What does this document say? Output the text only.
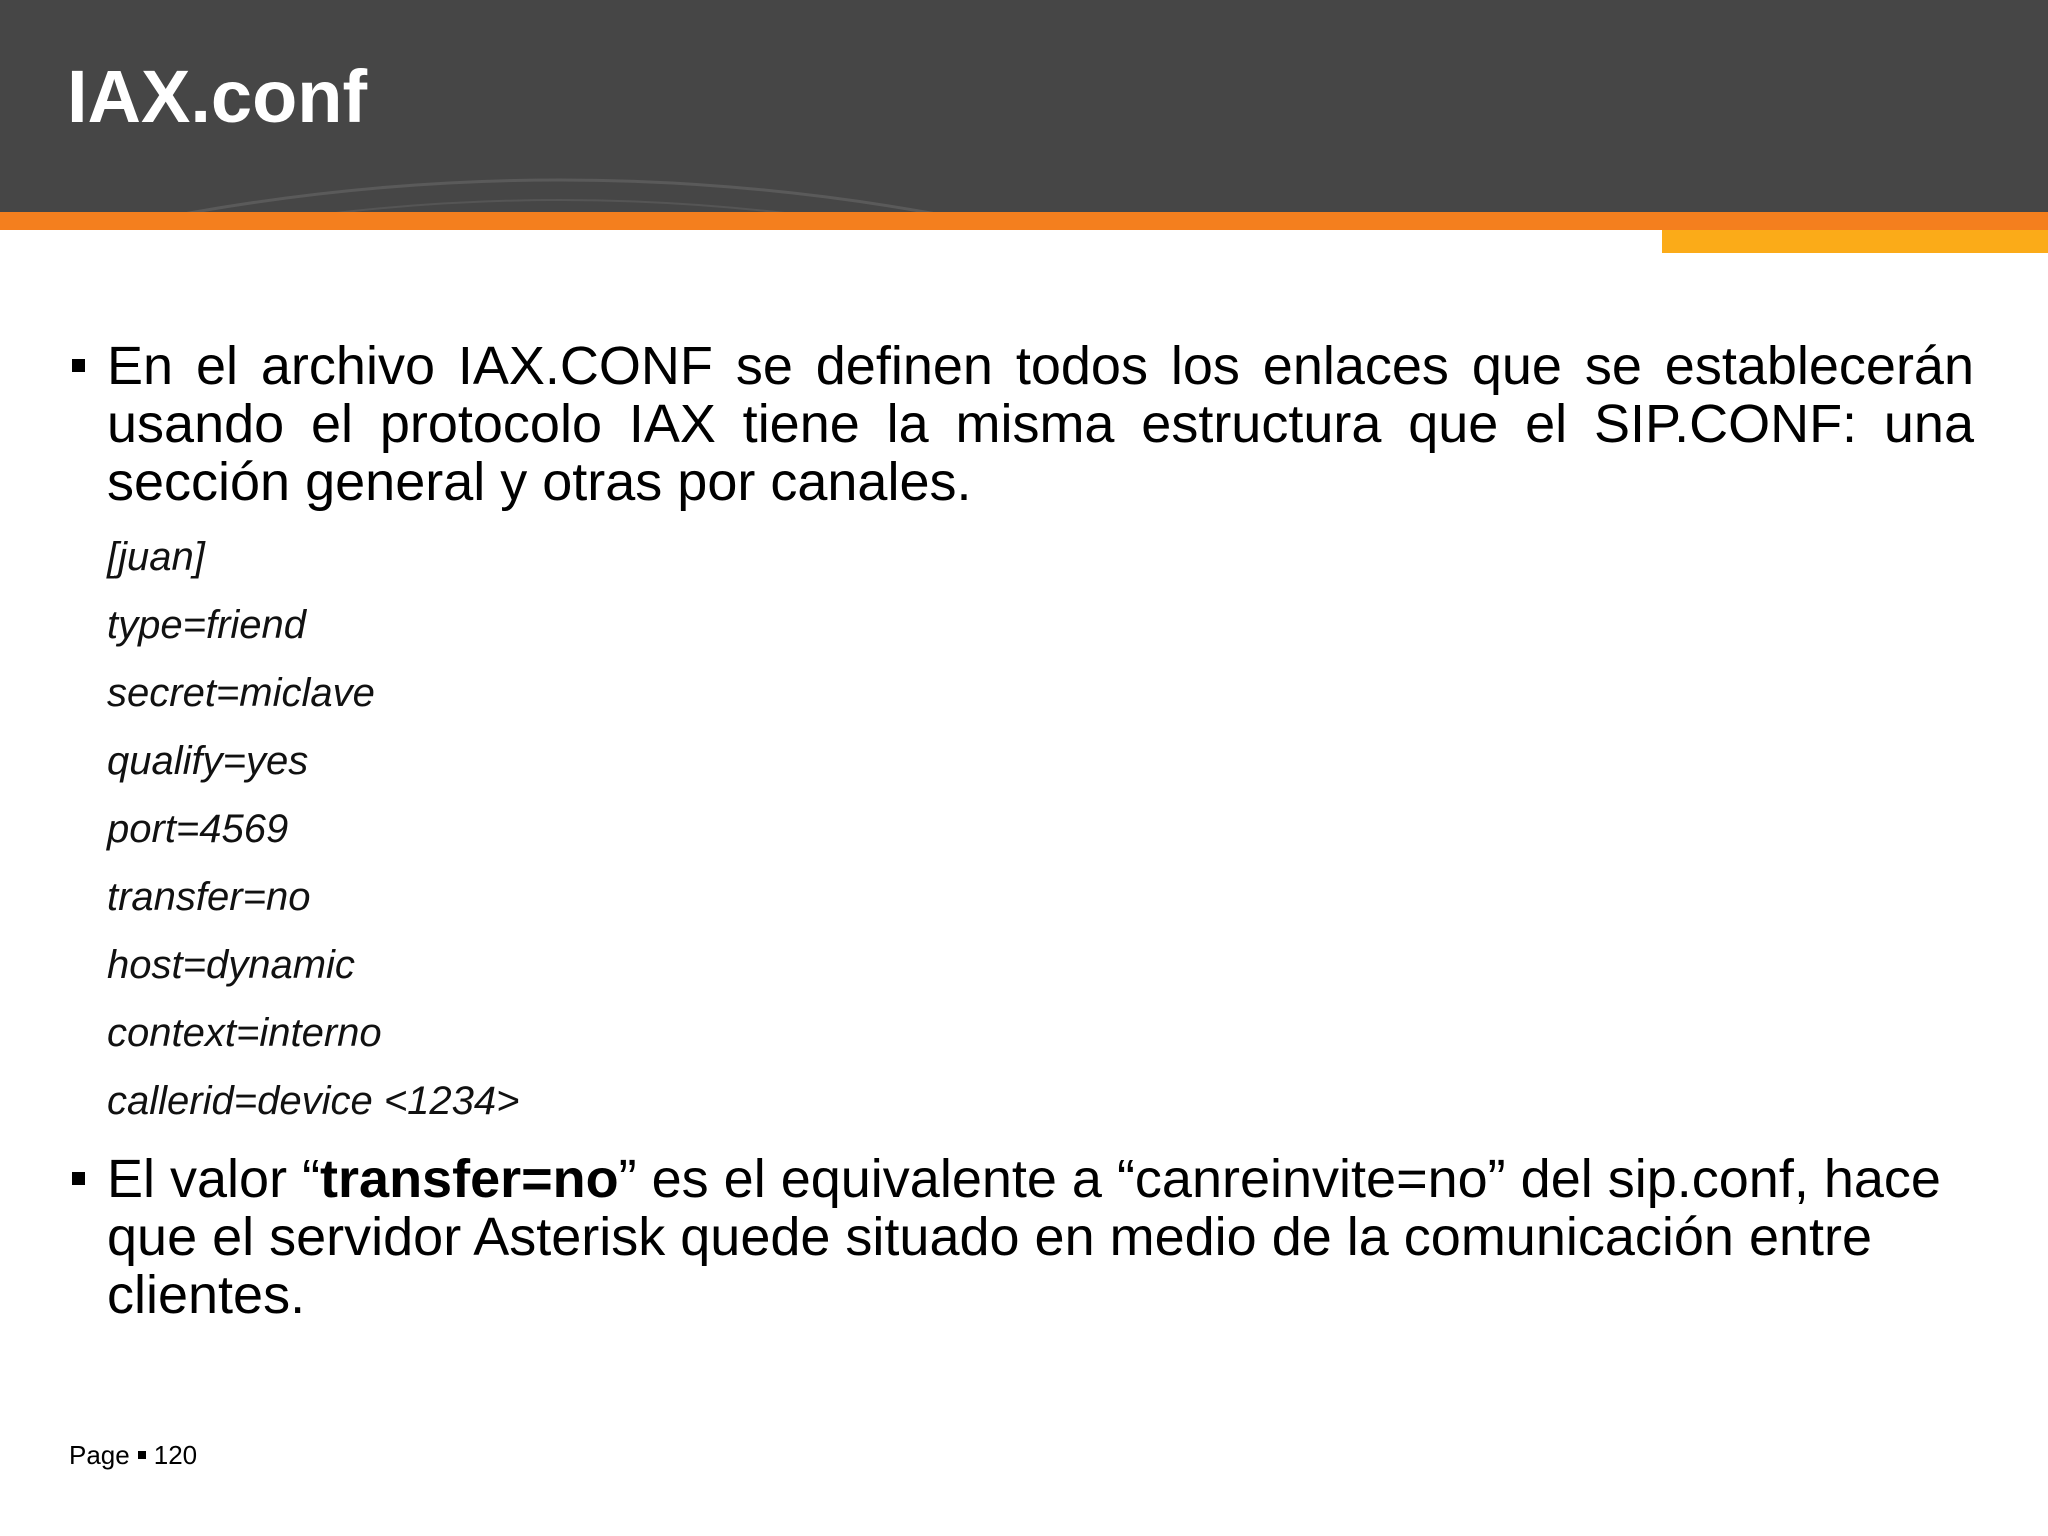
IAX.conf
En el archivo IAX.CONF se definen todos los enlaces que se establecerán usando el protocolo IAX tiene la misma estructura que el SIP.CONF: una sección general y otras por canales.
[juan]
type=friend
secret=miclave
qualify=yes
port=4569
transfer=no
host=dynamic
context=interno
callerid=device <1234>
El valor “transfer=no” es el equivalente a “canreinvite=no” del sip.conf, hace que el servidor Asterisk quede situado en medio de la comunicación entre clientes.
Page 120
